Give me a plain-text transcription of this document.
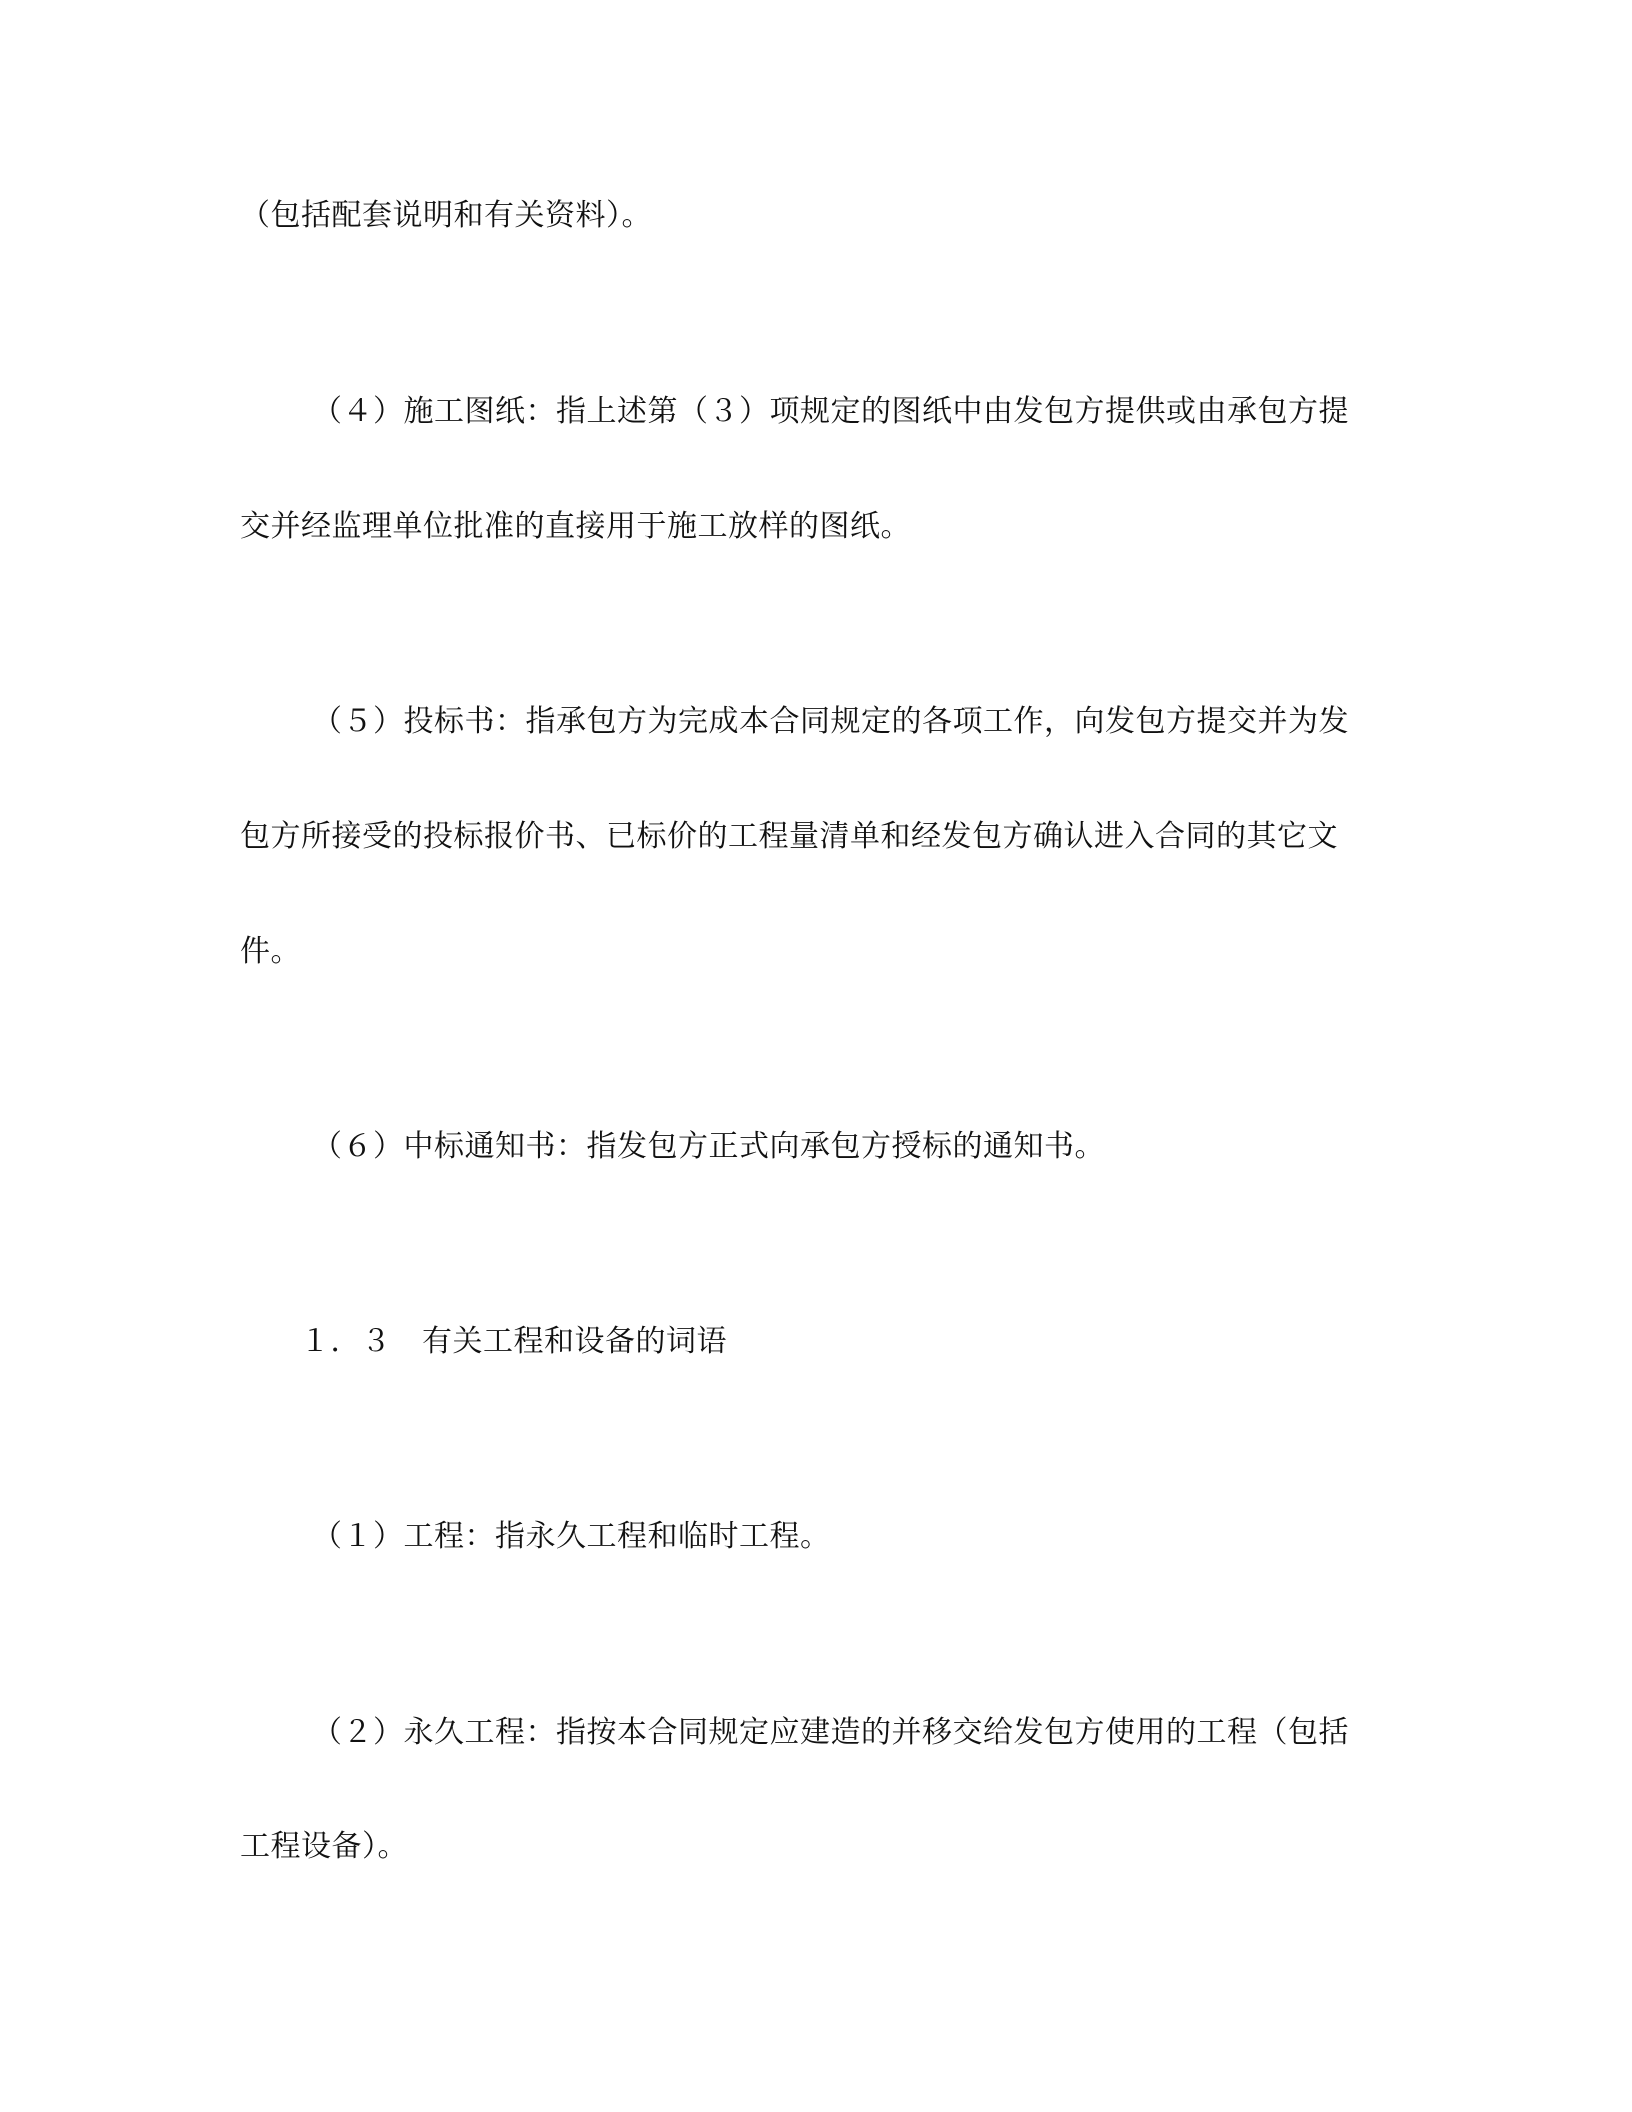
（包括配套说明和有关资料）。
（４）施工图纸：指上述第（３）项规定的图纸中由发包方提供或由承包方提
交并经监理单位批准的直接用于施工放样的图纸。
（５）投标书：指承包方为完成本合同规定的各项工作，向发包方提交并为发
包方所接受的投标报价书、已标价的工程量清单和经发包方确认进入合同的其它文
件。
（６）中标通知书：指发包方正式向承包方授标的通知书。
１．３　有关工程和设备的词语
（１）工程：指永久工程和临时工程。
（２）永久工程：指按本合同规定应建造的并移交给发包方使用的工程（包括
工程设备）。
